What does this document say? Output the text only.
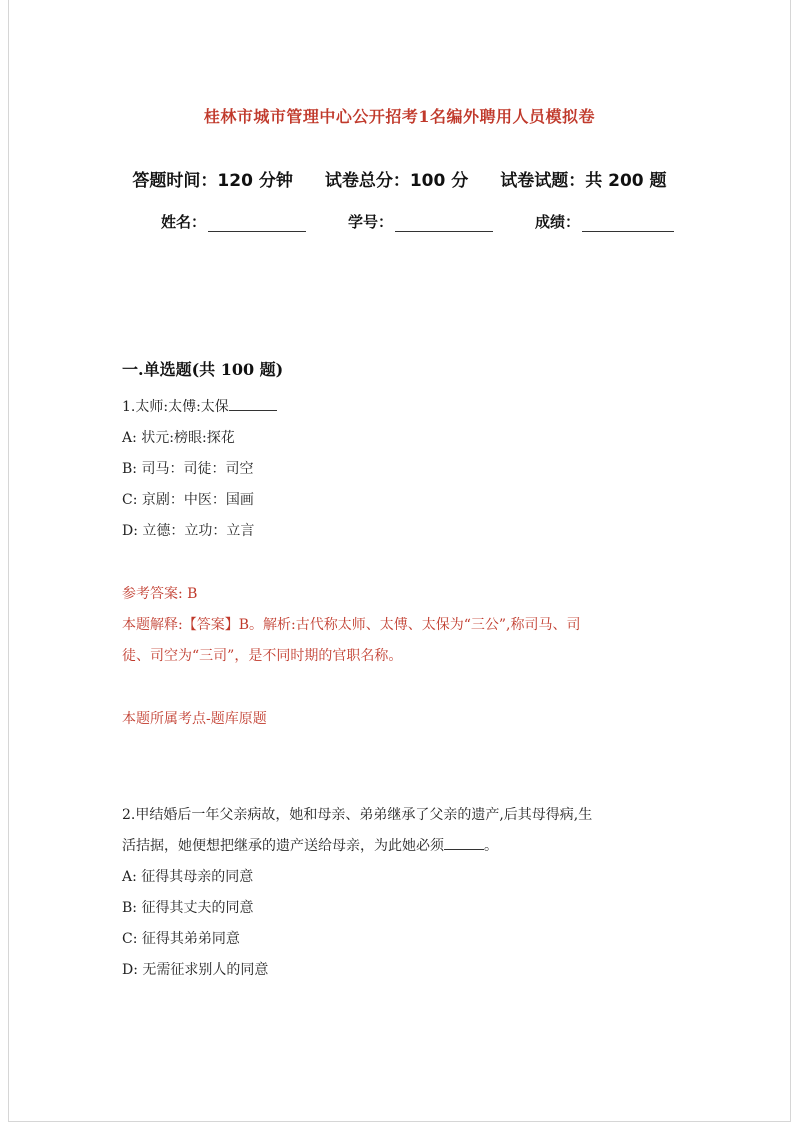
桂林市城市管理中心公开招考1名编外聘用人员模拟卷
答题时间：120 分钟 试卷总分：100 分 试卷试题：共 200 题
姓名：	学号：	成绩：
一.单选题(共 100 题)
1.太师:太傅:太保
A: 状元:榜眼:探花
B: 司马：司徒：司空
C: 京剧：中医：国画
D: 立德：立功：立言
参考答案: B
本题解释:【答案】B。解析:古代称太师、太傅、太保为“三公”,称司马、司
徒、司空为“三司”，是不同时期的官职名称。
本题所属考点-题库原题
2.甲结婚后一年父亲病故，她和母亲、弟弟继承了父亲的遗产,后其母得病,生
活拮据，她便想把继承的遗产送给母亲，为此她必须	。
A: 征得其母亲的同意
B: 征得其丈夫的同意
C: 征得其弟弟同意
D: 无需征求别人的同意
